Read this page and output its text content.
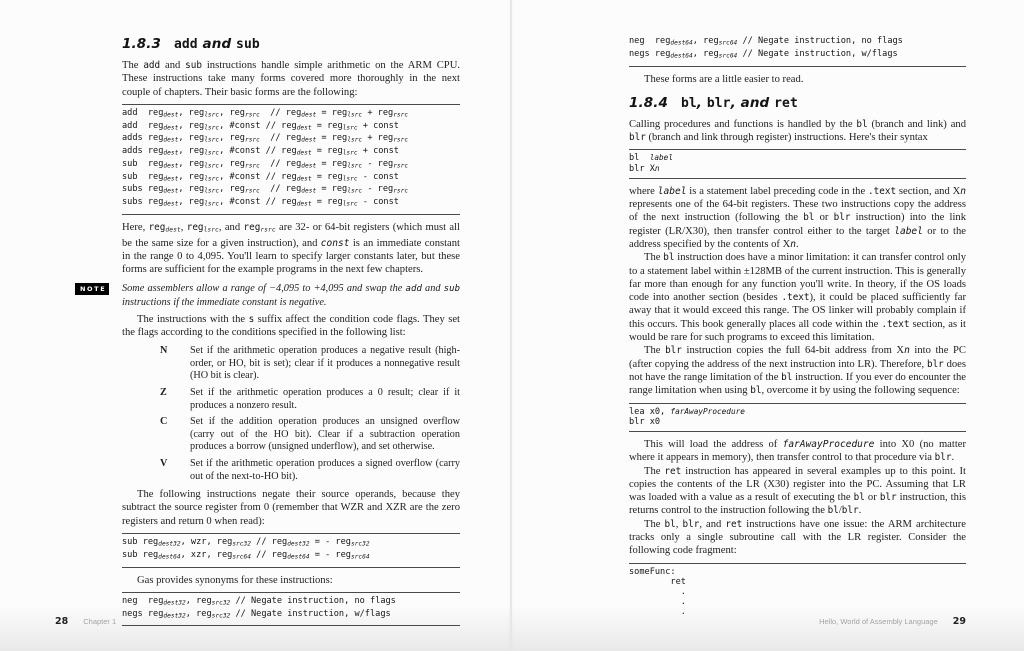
1.8.3 add and sub

The add and sub instructions handle simple arithmetic on the ARM CPU. These instructions take many forms covered more thoroughly in the next couple of chapters. Their basic forms are the following:

add  reg$_{dest}$, reg$_{lsrc}$, reg$_{rsrc}$  // reg$_{dest}$ = reg$_{lsrc}$ + reg$_{rsrc}$
add  reg$_{dest}$, reg$_{lsrc}$, #const // reg$_{dest}$ = reg$_{lsrc}$ + const
adds reg$_{dest}$, reg$_{lsrc}$, reg$_{rsrc}$  // reg$_{dest}$ = reg$_{lsrc}$ + reg$_{rsrc}$
adds reg$_{dest}$, reg$_{lsrc}$, #const // reg$_{dest}$ = reg$_{lsrc}$ + const
sub  reg$_{dest}$, reg$_{lsrc}$, reg$_{rsrc}$  // reg$_{dest}$ = reg$_{lsrc}$ - reg$_{rsrc}$
sub  reg$_{dest}$, reg$_{lsrc}$, #const // reg$_{dest}$ = reg$_{lsrc}$ - const
subs reg$_{dest}$, reg$_{lsrc}$, reg$_{rsrc}$  // reg$_{dest}$ = reg$_{lsrc}$ - reg$_{rsrc}$
subs reg$_{dest}$, reg$_{lsrc}$, #const // reg$_{dest}$ = reg$_{lsrc}$ - const

Here, reg$_{dest}$, reg$_{lsrc}$, and reg$_{rsrc}$ are 32- or 64-bit registers (which must all be the same size for a given instruction), and const is an immediate constant in the range 0 to 4,095. You'll learn to specify larger constants later, but these forms are sufficient for the example programs in the next few chapters.

NOTE Some assemblers allow a range of −4,095 to +4,095 and swap the add and sub instructions if the immediate constant is negative.

The instructions with the s suffix affect the condition code flags. They set the flags according to the conditions specified in the following list:

N Set if the arithmetic operation produces a negative result (high-order, or HO, bit is set); clear if it produces a nonnegative result (HO bit is clear).
Z Set if the arithmetic operation produces a 0 result; clear if it produces a nonzero result.
C Set if the addition operation produces an unsigned overflow (carry out of the HO bit). Clear if a subtraction operation produces a borrow (unsigned underflow), and set otherwise.
V Set if the arithmetic operation produces a signed overflow (carry out of the next-to-HO bit).

The following instructions negate their source operands, because they subtract the source register from 0 (remember that WZR and XZR are the zero registers and return 0 when read):

sub reg$_{dest32}$, wzr, reg$_{src32}$ // reg$_{dest32}$ = - reg$_{src32}$
sub reg$_{dest64}$, xzr, reg$_{src64}$ // reg$_{dest64}$ = - reg$_{src64}$

Gas provides synonyms for these instructions:

neg  reg$_{dest32}$, reg$_{src32}$ // Negate instruction, no flags
negs reg$_{dest32}$, reg$_{src32}$ // Negate instruction, w/flags
28 Chapter 1
neg  reg$_{dest64}$, reg$_{src64}$ // Negate instruction, no flags
negs reg$_{dest64}$, reg$_{src64}$ // Negate instruction, w/flags

These forms are a little easier to read.

1.8.4 bl, blr, and ret

Calling procedures and functions is handled by the bl (branch and link) and blr (branch and link through register) instructions. Here's their syntax

bl  label
blr Xn

where label is a statement label preceding code in the .text section, and Xn represents one of the 64-bit registers. These two instructions copy the address of the next instruction (following the bl or blr instruction) into the link register (LR/X30), then transfer control either to the target label or to the address specified by the contents of Xn.

The bl instruction does have a minor limitation: it can transfer control only to a statement label within ±128MB of the current instruction. This is generally far more than enough for any function you'll write. In theory, if the OS loads code into another section (besides .text), it could be placed sufficiently far away that it would exceed this range. The OS linker will probably complain if this occurs. This book generally places all code within the .text section, as it would be rare for such programs to exceed this limitation.

The blr instruction copies the full 64-bit address from Xn into the PC (after copying the address of the next instruction into LR). Therefore, blr does not have the range limitation of the bl instruction. If you ever do encounter the range limitation when using bl, overcome it by using the following sequence:

lea x0, farAwayProcedure
blr x0

This will load the address of farAwayProcedure into X0 (no matter where it appears in memory), then transfer control to that procedure via blr.

The ret instruction has appeared in several examples up to this point. It copies the contents of the LR (X30) register into the PC. Assuming that LR was loaded with a value as a result of executing the bl or blr instruction, this returns control to the instruction following the bl/blr.

The bl, blr, and ret instructions have one issue: the ARM architecture tracks only a single subroutine call with the LR register. Consider the following code fragment:

someFunc:
ret
.
.
.
Hello, World of Assembly Language 29
